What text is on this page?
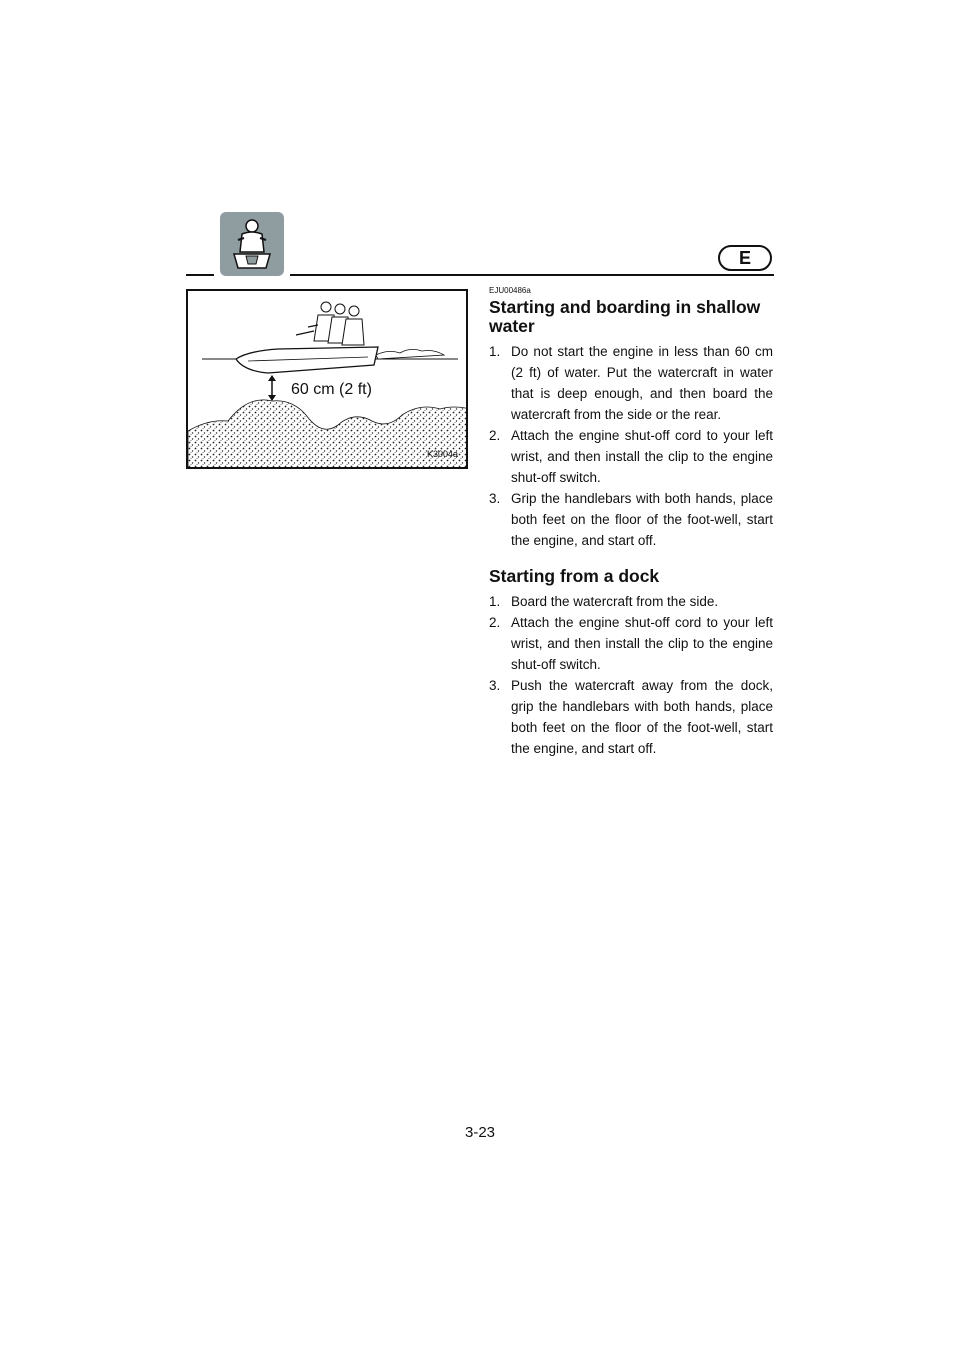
E
60 cm (2 ft)
K3004a
EJU00486a
Starting and boarding in shallow water
1. Do not start the engine in less than 60 cm (2 ft) of water. Put the watercraft in water that is deep enough, and then board the watercraft from the side or the rear.
2. Attach the engine shut-off cord to your left wrist, and then install the clip to the engine shut-off switch.
3. Grip the handlebars with both hands, place both feet on the floor of the foot-well, start the engine, and start off.
Starting from a dock
1. Board the watercraft from the side.
2. Attach the engine shut-off cord to your left wrist, and then install the clip to the engine shut-off switch.
3. Push the watercraft away from the dock, grip the handlebars with both hands, place both feet on the floor of the foot-well, start the engine, and start off.
3-23
